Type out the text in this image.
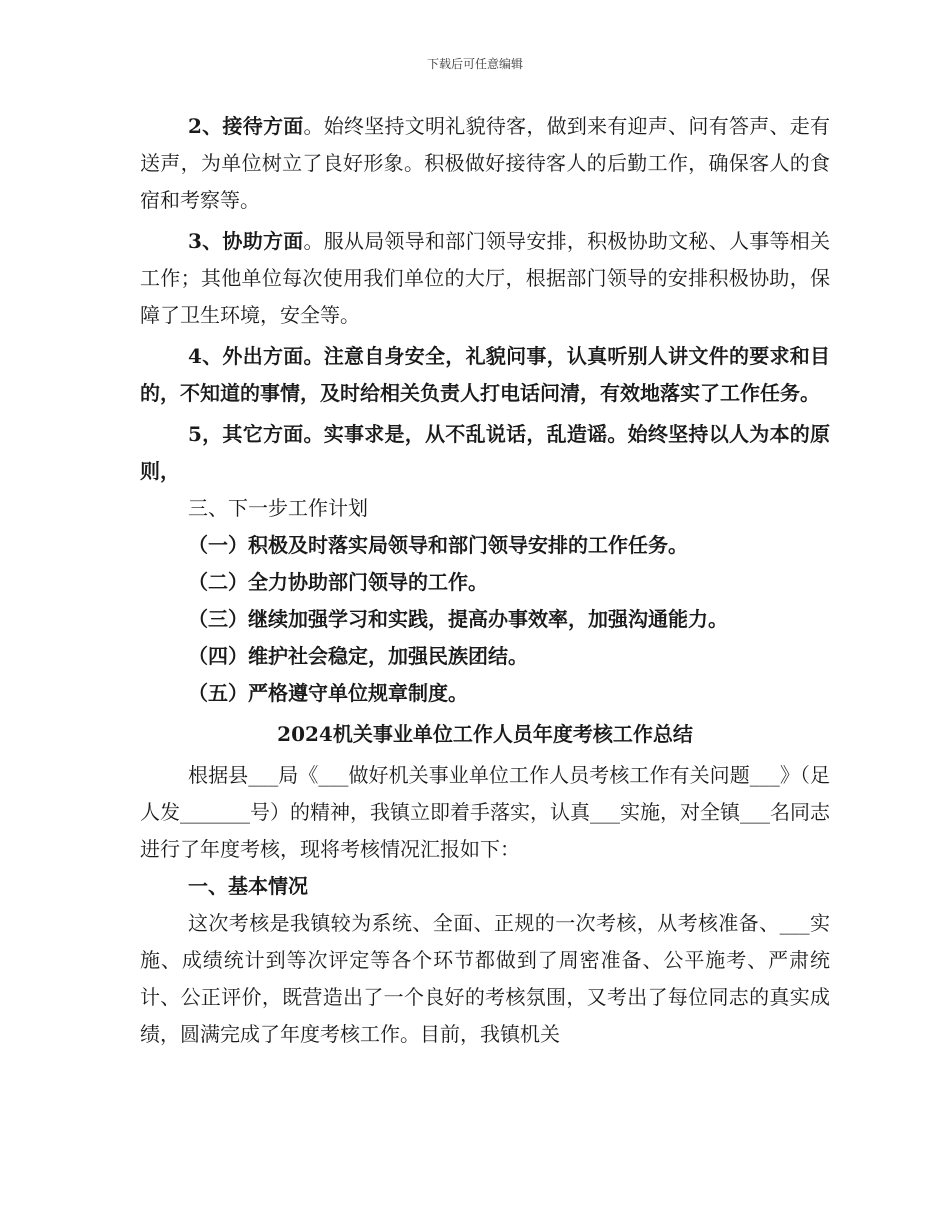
下载后可任意编辑

2、接待方面。始终坚持文明礼貌待客，做到来有迎声、问有答声、走有送声，为单位树立了良好形象。积极做好接待客人的后勤工作，确保客人的食宿和考察等。

3、协助方面。服从局领导和部门领导安排，积极协助文秘、人事等相关工作；其他单位每次使用我们单位的大厅，根据部门领导的安排积极协助，保障了卫生环境，安全等。

4、外出方面。注意自身安全，礼貌问事，认真听别人讲文件的要求和目的，不知道的事情，及时给相关负责人打电话问清，有效地落实了工作任务。

5，其它方面。实事求是，从不乱说话，乱造谣。始终坚持以人为本的原则，

三、下一步工作计划

（一）积极及时落实局领导和部门领导安排的工作任务。

（二）全力协助部门领导的工作。

（三）继续加强学习和实践，提高办事效率，加强沟通能力。

（四）维护社会稳定，加强民族团结。

（五）严格遵守单位规章制度。

2024机关事业单位工作人员年度考核工作总结

根据县___局《___做好机关事业单位工作人员考核工作有关问题___》（足人发_______号）的精神，我镇立即着手落实，认真___实施，对全镇___名同志进行了年度考核，现将考核情况汇报如下：

一、基本情况

这次考核是我镇较为系统、全面、正规的一次考核，从考核准备、___实施、成绩统计到等次评定等各个环节都做到了周密准备、公平施考、严肃统计、公正评价，既营造出了一个良好的考核氛围，又考出了每位同志的真实成绩，圆满完成了年度考核工作。目前，我镇机关
